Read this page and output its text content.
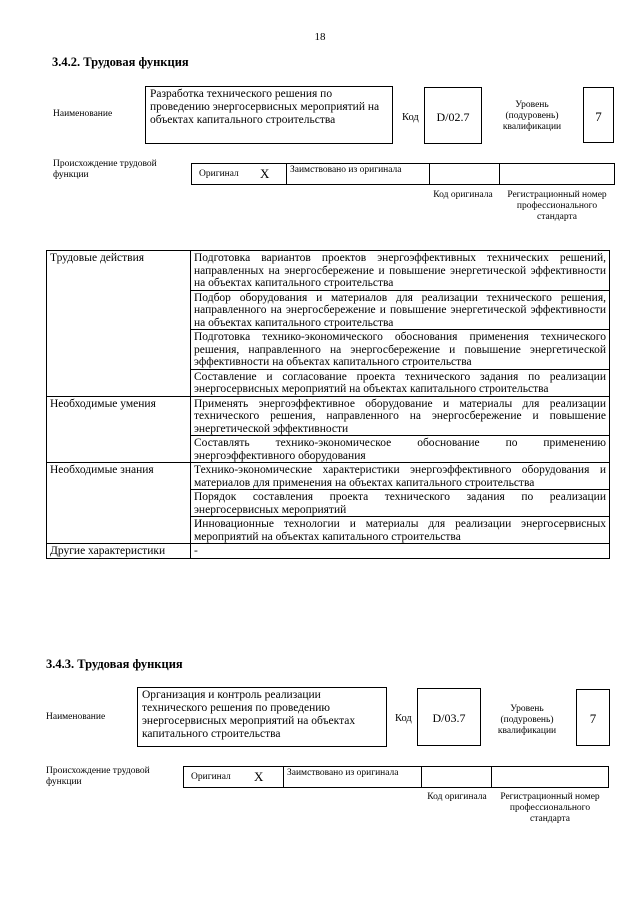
18
3.4.2. Трудовая функция
Наименование
Разработка технического решения по проведению энергосервисных мероприятий на объектах капитального строительства	Код	D/02.7
Уровень (подуровень) квалификации
7
Происхождение трудовой функции	Оригинал X	Заимствовано из оригинала
Код оригинала	Регистрационный номер профессионального стандарта
Трудовые действия	Подготовка вариантов проектов энергоэффективных технических решений, направленных на энергосбережение и повышение энергетической эффективности на объектах капитального строительства
	Подбор оборудования и материалов для реализации технического решения, направленного на энергосбережение и повышение энергетической эффективности на объектах капитального строительства
	Подготовка технико-экономического обоснования применения технического решения, направленного на энергосбережение и повышение энергетической эффективности на объектах капитального строительства
	Составление и согласование проекта технического задания по реализации энергосервисных мероприятий на объектах капитального строительства
Необходимые умения	Применять энергоэффективное оборудование и материалы для реализации технического решения, направленного на энергосбережение и повышение энергетической эффективности
	Составлять технико-экономическое обоснование по применению энергоэффективного оборудования
Необходимые знания	Технико-экономические характеристики энергоэффективного оборудования и материалов для применения на объектах капитального строительства
	Порядок составления проекта технического задания по реализации энергосервисных мероприятий
	Инновационные технологии и материалы для реализации энергосервисных мероприятий на объектах капитального строительства
Другие характеристики	-
3.4.3. Трудовая функция
Наименование
Организация и контроль реализации технического решения по проведению энергосервисных мероприятий на объектах капитального строительства
Код	D/03.7
Уровень (подуровень) квалификации
7
Происхождение трудовой функции	Оригинал X	Заимствовано из оригинала
Код оригинала	Регистрационный номер профессионального стандарта
